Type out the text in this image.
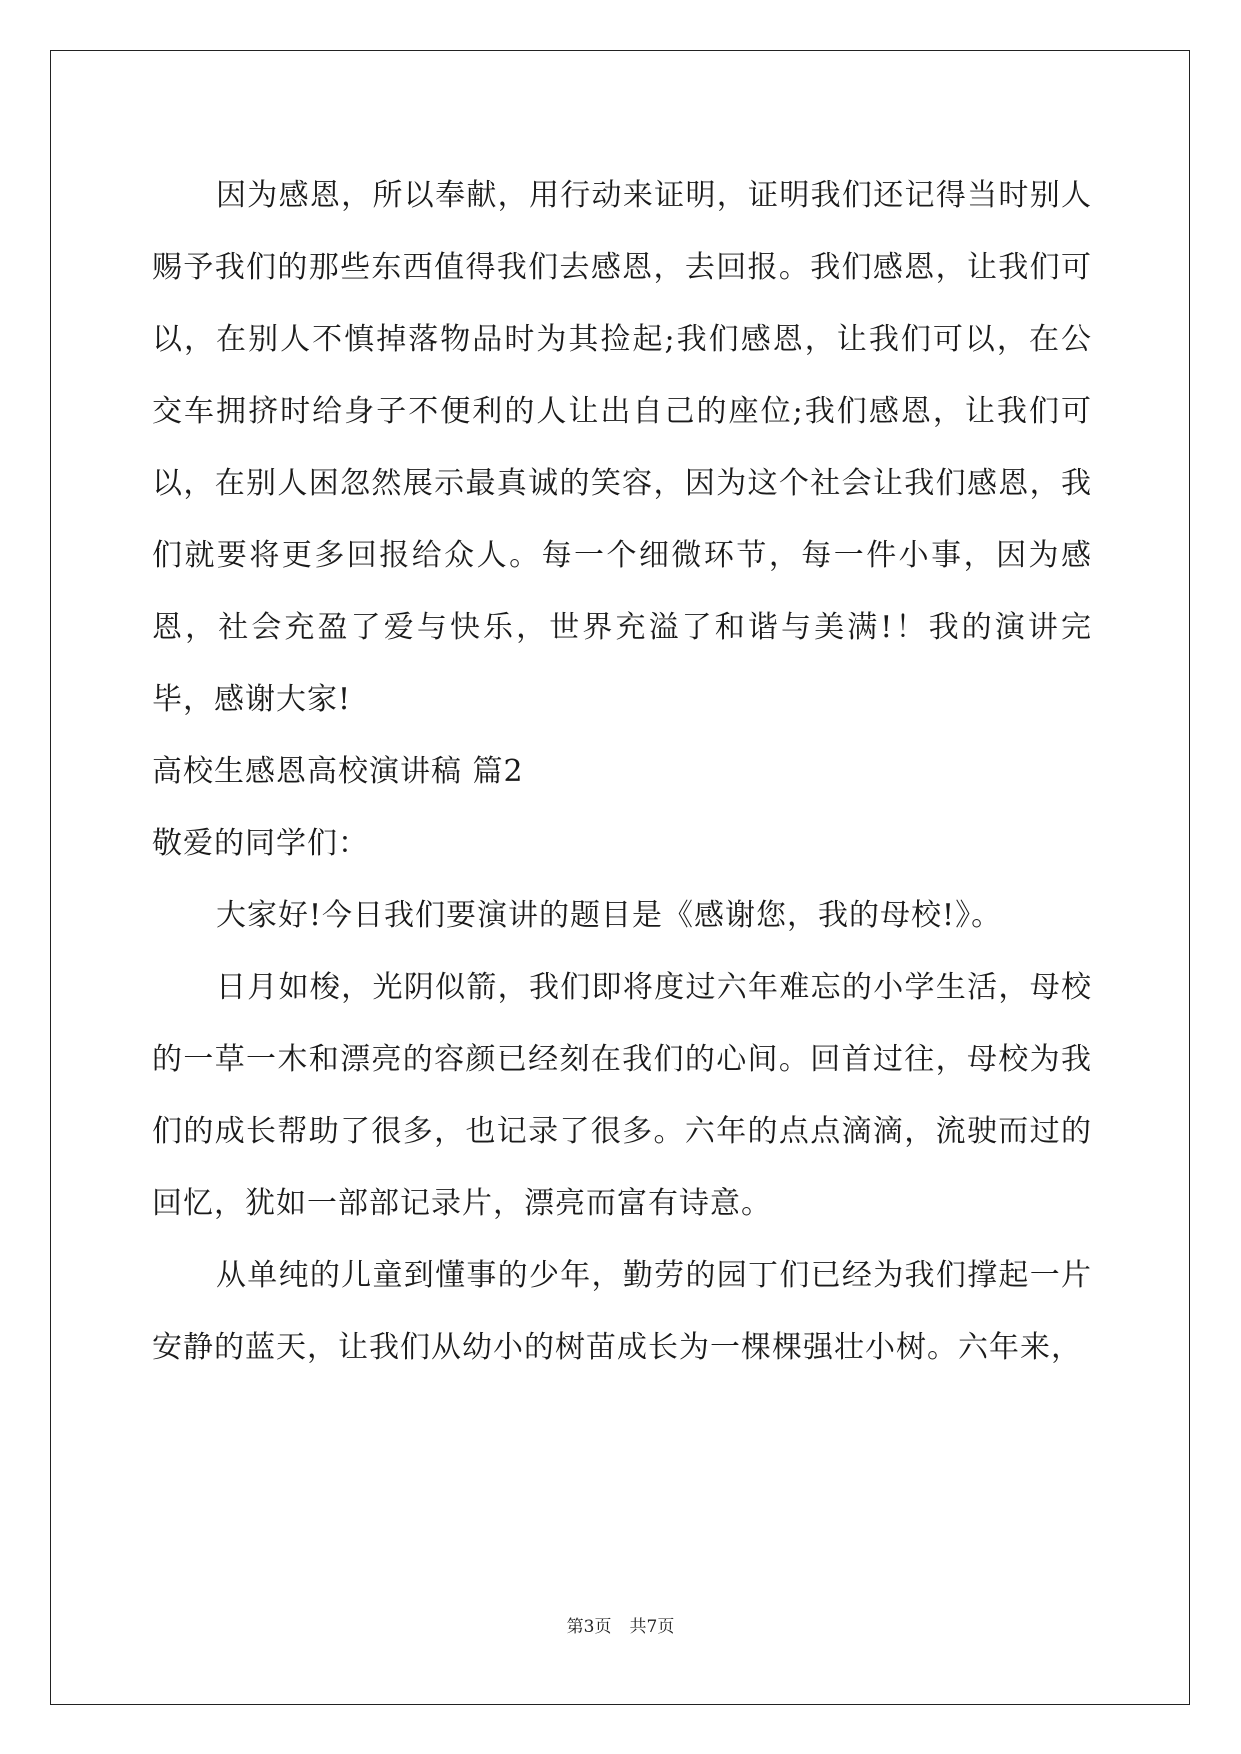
因为感恩，所以奉献，用行动来证明，证明我们还记得当时别人赐予我们的那些东西值得我们去感恩，去回报。我们感恩，让我们可以，在别人不慎掉落物品时为其捡起;我们感恩，让我们可以，在公交车拥挤时给身子不便利的人让出自己的座位;我们感恩，让我们可以，在别人困忽然展示最真诚的笑容，因为这个社会让我们感恩，我们就要将更多回报给众人。每一个细微环节，每一件小事，因为感恩，社会充盈了爱与快乐，世界充溢了和谐与美满!！我的演讲完毕，感谢大家!

高校生感恩高校演讲稿 篇2

敬爱的同学们：

大家好!今日我们要演讲的题目是《感谢您，我的母校!》。

日月如梭，光阴似箭，我们即将度过六年难忘的小学生活，母校的一草一木和漂亮的容颜已经刻在我们的心间。回首过往，母校为我们的成长帮助了很多，也记录了很多。六年的点点滴滴，流驶而过的回忆，犹如一部部记录片，漂亮而富有诗意。

从单纯的儿童到懂事的少年，勤劳的园丁们已经为我们撑起一片安静的蓝天，让我们从幼小的树苗成长为一棵棵强壮小树。六年来，

第3页 共7页
